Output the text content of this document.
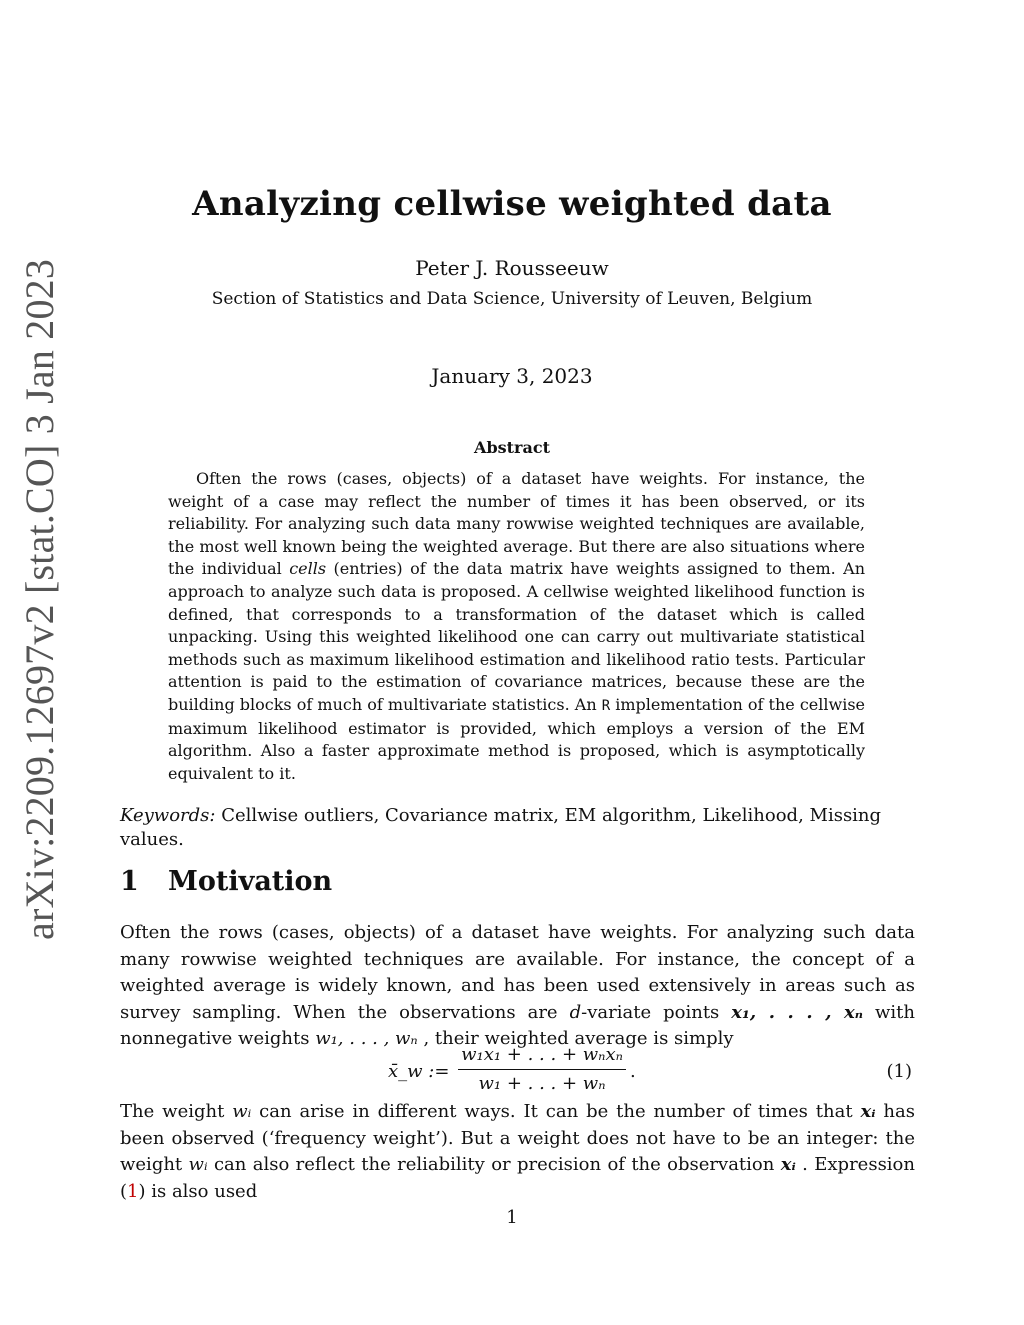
arXiv:2209.12697v2 [stat.CO] 3 Jan 2023
Analyzing cellwise weighted data
Peter J. Rousseeuw
Section of Statistics and Data Science, University of Leuven, Belgium
January 3, 2023
Abstract

Often the rows (cases, objects) of a dataset have weights. For instance, the weight of a case may reflect the number of times it has been observed, or its reliability. For analyzing such data many rowwise weighted techniques are available, the most well known being the weighted average. But there are also situations where the individual cells (entries) of the data matrix have weights assigned to them. An approach to analyze such data is proposed. A cellwise weighted likelihood function is defined, that corresponds to a transformation of the dataset which is called unpacking. Using this weighted likelihood one can carry out multivariate statistical methods such as maximum likelihood estimation and likelihood ratio tests. Particular attention is paid to the estimation of covariance matrices, because these are the building blocks of much of multivariate statistics. An R implementation of the cellwise maximum likelihood estimator is provided, which employs a version of the EM algorithm. Also a faster approximate method is proposed, which is asymptotically equivalent to it.

Keywords: Cellwise outliers, Covariance matrix, EM algorithm, Likelihood, Missing values.
1 Motivation

Often the rows (cases, objects) of a dataset have weights. For analyzing such data many rowwise weighted techniques are available. For instance, the concept of a weighted average is widely known, and has been used extensively in areas such as survey sampling. When the observations are d-variate points x₁, . . . , xₙ with nonnegative weights w₁, . . . , wₙ , their weighted average is simply

x̄_w :=
w₁x₁ + . . . + wₙxₙ
w₁ + . . . + wₙ
.	(1)

The weight wᵢ can arise in different ways. It can be the number of times that xᵢ has been observed (‘frequency weight’). But a weight does not have to be an integer: the weight wᵢ can also reflect the reliability or precision of the observation xᵢ . Expression (1) is also used

1
